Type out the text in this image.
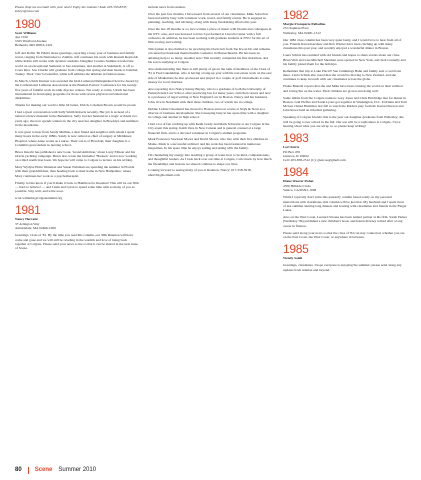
Please drop me an email with your news! Enjoy the summer! Kate 203-550-8335; ksbrys@msn.com

1980
Scott Williams
Apt 1010
5325 Westbard Avenue
Bethesda, MD 20816-1422

Jeff and Robin 'Di Palma' share greetings, reporting a busy year of business and family travel, ranging from Nantucket to Zambia. Jeff continues his work with Russell Reynolds while Robin still works with dyslexic students. Daughter Cerulea Jasmine traveled the world on an exceptional Semester at Sea adventure, and another is Steinhardt, is off to Costa Rica. Son Charlie will graduate from college this spring and then heads to Istanbul, Turkey. Their 'clan' is beautiful, while Jeff admires the ultimate in fashion sense.

In March, Ulrich Kleiner was awarded the Irish Lutheran Distinguished Service Award by the Confessional Lutheran Association at the Bremen Pastors' Conference for his twenty-five years of faithful work in adult daycare centers. Not ready to retire, Ulrich has been instrumental in developing programs for those with severe physical and emotional disabilities.

Thanks for making our world a little bit better, Ulrich. Coleman Brown would be proud.

I had a great conversation with Sally Smith Roberts recently. Her job is as head of a natural science museum in the Berkshires. Sally lost her husband in a tragic accident two years ago; she now spends winters in the city near her daughter in Brooklyn and summers in the mountains.

It was great to hear from Sandy Mullins, a dear friend and neighbor with whom I spent many hours in the early 1980s. Sandy is now retired as chief of surgery at Middlesex Hospital, where Anne works as a nurse. Their son is at Bowdoin; their daughter is a Columbia grad student in nursing school.

Bruce Knecht has published a new book, 'Grand Ambition,' about Larry Ellison and his Oracle yachting campaign. Bruce also wrote the bestseller 'Hooked,' and is now working on a third nonfiction book. We hope he will come to Colgate to lecture on his writing.

Mary Wydysz Hotte Weisman and Susan Weisman are spending the summer in Florida with their grandchildren, then heading back to their home in New Hampshire, where Mary continues her work as a psychotherapist.

Finally, let me know if you'll make it back to Hamilton for Reunion! This will be our 30th — hard to believe! — and Linda and I plan to spend some time with as many of you as possible. Stay well, and write soon.

scott.williams@colgatealumni.org

1981
Nancy Hervatic
37 Arlington Way
Auburndale, MA 02466-1009

Greetings, Class of '81. By the time you read this column, our 30th Reunion will have come and gone and we will still be reveling in the warmth and love of being back together at Colgate. Please send your news to me so that it can be shared in the next issue of Scene.

include news from reunion.

Over the past few months, I have heard from several of our classmates. Mike Sobel has been incredibly busy with volunteer work, travel, and family events. He is engaged in planning, teaching, and advising, along with many fundraising efforts this year.

Over the last 18 months or so, he's written a piece of music with friends and colleagues in the NYC area, and was honored to have it performed at Lincoln Center with a full orchestra. In addition, he has been working with graduate students at NYU for the art of film scoring and writing.

Tim Lyman is also thrilled to be receiving his black belt from Tae Kwon Do and remains a licensed professional mental health counselor in Massachusetts. He has been an amazing help to so many. Another note: Tim recently completed his first marathon, and his son is studying at Colgate.

Also demonstrating that there is still plenty of gas in the tank of members of the Class of '81 is Fred Gundelman, who is having a bang-up year with his real estate work on the east side of Manhattan; he also sponsored and played in a couple of golf tournaments to raise money for local charities.

Also reporting in is Nancy Kenny Bayley, who is a graduate of both the University of Pennsylvania Law School, after practicing law for many years, switched careers and now is a professor of legal writing at New England Law in Boston. Nancy and her husband, John, live in Needham with their three children, two of whom are in college.

Debbie Lichtie Chouinard has moved to Boston and now works at Stryk & Stout as a director of business development. She is keeping busy in her spare time with a daughter in college and another in high school.

I had a lot of fun catching up with Keith Grady and Mark Schwartz at our Colgate in the City event this spring. Keith lives in New Canaan and is general counsel at a large financial firm, and is a devoted volunteer in Colgate's alumni programs.

Mark Francesca Stockton Moore and David Moore, who live with their five children in Maine. Mark is a successful architect and his work has been featured in numerous magazines. In his spare time he enjoys sailing and skiing with the family.

I'm channeling my energy into teaching a group of teens how to be kind, compassionate, and thoughtful leaders. As I look back over our time at Colgate, I am struck by how much the friendships and lessons we shared continue to shape our lives.

Looking forward to seeing many of you at Reunion. Nancy: 617-558-5918, nherv81@hotmail.com

1982
Margie Fromparte Palladino
23 Chapman Place
Wellesley, MA 02481-1312

Our 1982 class column has been very quiet lately, and I would love to hear from all of you. Friends Karen Kershaw and Rob Warner have been catching up with many classmates this past year, and recently enjoyed a wonderful dinner in Boston.

Laura Schick has reunited with old friends and hopes to share stories about our class. Brian Welt and Lisa Mitchell Sherman were spotted in New York, and Jack Connelly and his family joined them for the holidays.

Remember that trip to Lake Placid? Sue Cummings Hahn and family sent a card from there. Laura Schick also noted that she would be moving to New Zealand, and she continues to keep in touch with our classmates across the globe.

Elaine Bianchi reports that she and Mike have been cruising the world on their sailboat and loving life on the water. Their children are grown and doing well.

Some tidbits from the Colgate reunion: Gary Jones and Chris Holdridge met for dinner in Boston. Gail Pfeffer and Sarah Lyons got together in Washington, D.C. Ed Dunn and Tom McGee visited Hamilton last fall to watch the Raiders play football. Karen Dawson and John Rowe held an informal gathering.

Speaking of Colgate friends: this is the year our daughter graduates from Wellesley; she will be going to law school in the fall. Our son will be a sophomore at Colgate. I love hearing about what you are all up to, so please keep writing!

1983
Lori Kurtz
PO Box 476
Glencoe, IL 60022
Cell: 203-858-2512 (C); glencoe@gmail.com
1984
Diane Weaver Fisher
4356 Hillside Circle
Venice, CA 90291-1048

While I typically don't write this quarterly column based solely on my personal interactions with classmates, this column will be just that. My husband and I spent most of last summer sharing long dinners and boating with classmates and friends in the Finger Lakes.

Also on the West Coast, Leonard Strauss has been named partner at his firm. Sarah Parker (Wellesley '84) published a new children's book, and Karen Rowley retired after a long career in finance.

Please send along your news so that the class of '84 can stay connected, whether you are on the East Coast, the West Coast, or anywhere in between.

1985
Wendy Soleil

Greetings, classmates. I hope everyone is enjoying the summer; please send along any updates from reunion and beyond.

80 Scene Summer 2010
